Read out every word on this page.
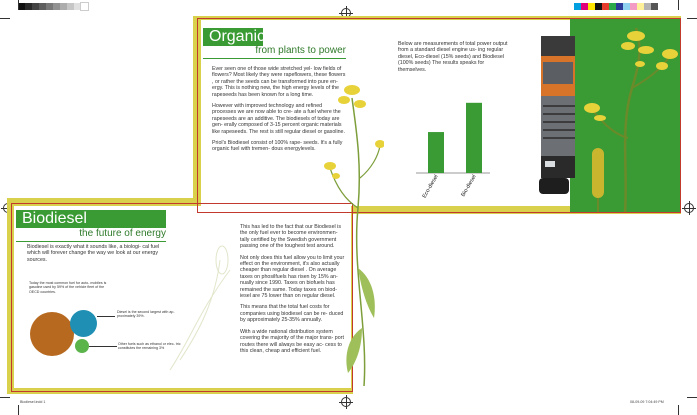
Organic
from plants to power

Ever seen one of those wide stretched yel- low fields of flowers? Most likely they were rapeflowers, these flowers , or rather the seeds can be transformed into pure en- ergy. This is nothing new, the high energy levels of the rapeseeds has been known for a long time.

However with improved technology and refined processes we are now able to cre- ate a fuel where the rapeseeds are an additive. The biodiesels of today are gen- erally composed of 3-15 percent organic materials like rapeseeds. The rest is still regular diesel or gasoline.

Priol's Biodiesel consist of 100% rape- seeds. It's a fully organic fuel with tremen- dous energylevels.

Below are measurements of total power output from a standard diesel engine us- ing regular diesel, Eco-diesel (15% seeds) and Biodiesel (100% seeds) The results speaks for themselves.
Eco-diesel	Bio-diesel
Biodiesel
the future of energy
Biodiesel is exactly what it sounds like, a biologi- cal fuel which will forever change the way we look at our energy sources.
Today the most common fuel for auto- mobiles is gasoline used by 59% of the vehicle fleet of the OECD countries.
Diesel is the second largest with ap- proximately 39%.
Other fuels such as ethanol or elec- tric constitutes the remaining 3%

This has led to the fact that our Biodiesel is the only fuel ever to become environmen- tally certified by the Swedish government passing one of the toughest test around.

Not only does this fuel allow you to limit your effect on the environment, it's also actually cheaper than regular diesel . On average taxes on phosilfuels has risen by 15% an- nually since 1990. Taxes on biofuels has remained the same. Today taxes on biod- iesel are 75 lower than on regular diesel.

This means that the total fuel costs for companies using biodiesel can be re- duced by approximately 25-35% annually.

With a wide national distribution system covering the majority of the major trans- port routes there will always be easy ac- cess to this clean, cheap and efficient fuel.

Biodiesel.indd 1	08-09-09 7:04:49 PM
